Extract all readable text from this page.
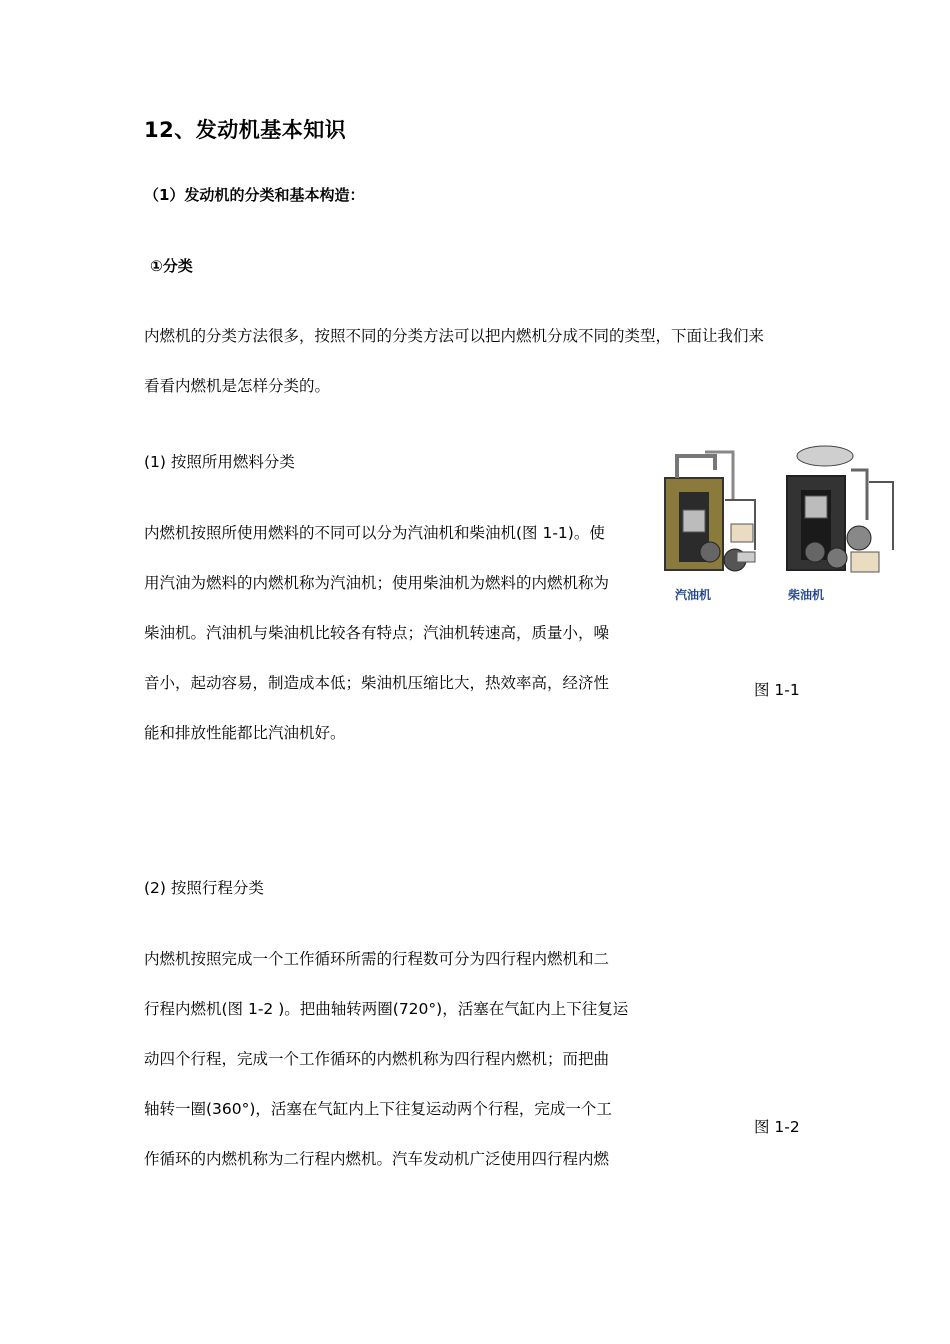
12、发动机基本知识
（1）发动机的分类和基本构造：
①分类
内燃机的分类方法很多，按照不同的分类方法可以把内燃机分成不同的类型，下面让我们来
看看内燃机是怎样分类的。
(1) 按照所用燃料分类
内燃机按照所使用燃料的不同可以分为汽油机和柴油机(图 1-1)。使
用汽油为燃料的内燃机称为汽油机；使用柴油机为燃料的内燃机称为
柴油机。汽油机与柴油机比较各有特点；汽油机转速高，质量小，噪
音小，起动容易，制造成本低；柴油机压缩比大，热效率高，经济性
能和排放性能都比汽油机好。
汽油机	柴油机
图 1-1
(2) 按照行程分类
内燃机按照完成一个工作循环所需的行程数可分为四行程内燃机和二
行程内燃机(图 1-2 )。把曲轴转两圈(720°)，活塞在气缸内上下往复运
动四个行程，完成一个工作循环的内燃机称为四行程内燃机；而把曲
轴转一圈(360°)，活塞在气缸内上下往复运动两个行程，完成一个工
作循环的内燃机称为二行程内燃机。汽车发动机广泛使用四行程内燃
图 1-2
